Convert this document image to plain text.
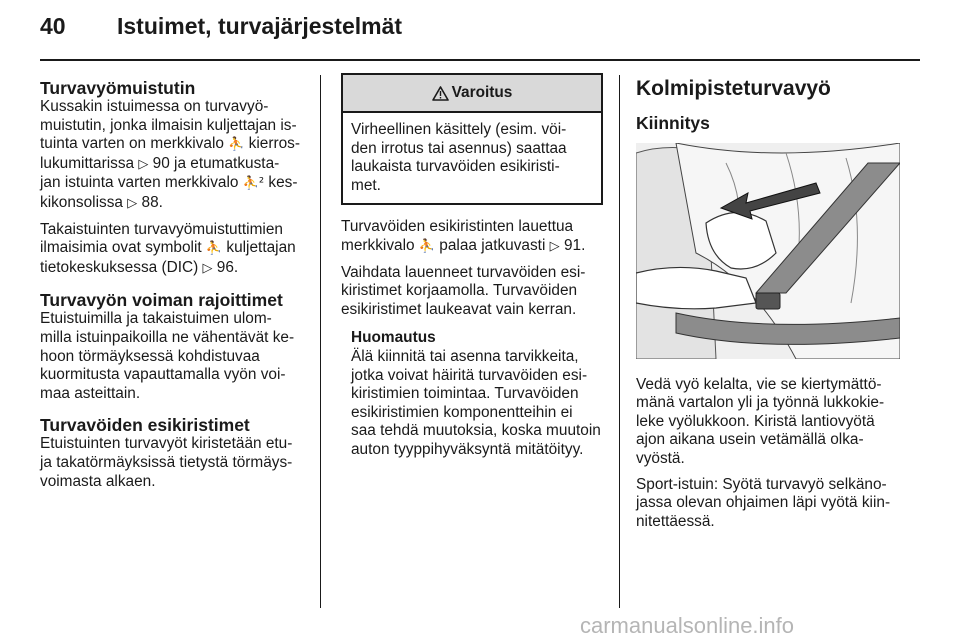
40 Istuimet, turvajärjestelmät
Turvavyömuistutin

Kussakin istuimessa on turvavyö-
muistutin, jonka ilmaisin kuljettajan is-
tuinta varten on merkkivalo ⛹ kierros-
lukumittarissa ▷ 90 ja etumatkusta-
jan istuinta varten merkkivalo ⛹² kes-
kikonsolissa ▷ 88.

Takaistuinten turvavyömuistuttimien
ilmaisimia ovat symbolit ⛹ kuljettajan
tietokeskuksessa (DIC) ▷ 96.

Turvavyön voiman rajoittimet

Etuistuimilla ja takaistuimen ulom-
milla istuinpaikoilla ne vähentävät ke-
hoon törmäyksessä kohdistuvaa
kuormitusta vapauttamalla vyön voi-
maa asteittain.

Turvavöiden esikiristimet

Etuistuinten turvavyöt kiristetään etu-
ja takatörmäyksissä tietystä törmäys-
voimasta alkaen.

Varoitus
Virheellinen käsittely (esim. vöi-
den irrotus tai asennus) saattaa
laukaista turvavöiden esikiristi-
met.

Turvavöiden esikiristinten lauettua
merkkivalo ⛹ palaa jatkuvasti ▷ 91.

Vaihdata lauenneet turvavöiden esi-
kiristimet korjaamolla. Turvavöiden
esikiristimet laukeavat vain kerran.

Huomautus
Älä kiinnitä tai asenna tarvikkeita,
jotka voivat häiritä turvavöiden esi-
kiristimien toimintaa. Turvavöiden
esikiristimien komponentteihin ei
saa tehdä muutoksia, koska muutoin
auton tyyppihyväksyntä mitätöityy.
Kolmipisteturvavyö
Kiinnitys

Vedä vyö kelalta, vie se kiertymättö-
mänä vartalon yli ja työnnä lukkokie-
leke vyölukkoon. Kiristä lantiovyötä
ajon aikana usein vetämällä olka-
vyöstä.

Sport-istuin: Syötä turvavyö selkäno-
jassa olevan ohjaimen läpi vyötä kiin-
nitettäessä.

carmanualsonline.info
